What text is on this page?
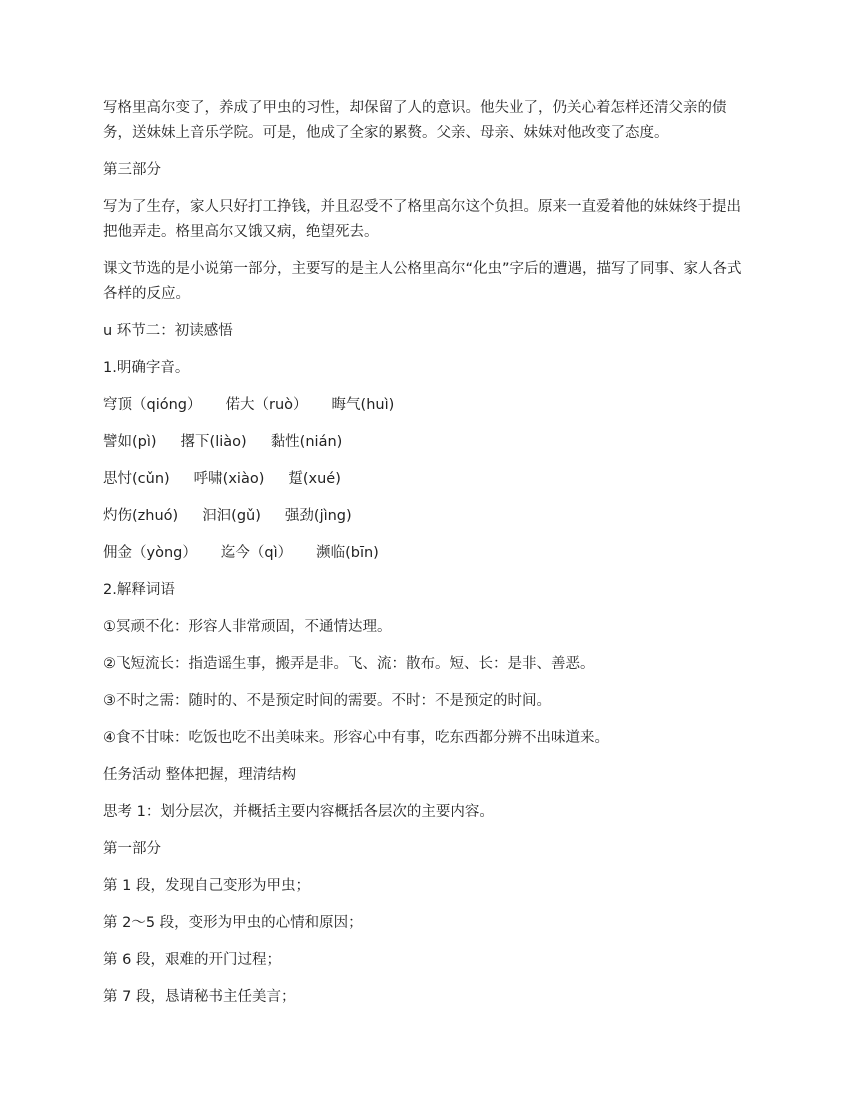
写格里高尔变了，养成了甲虫的习性，却保留了人的意识。他失业了，仍关心着怎样还清父亲的债务，送妹妹上音乐学院。可是，他成了全家的累赘。父亲、母亲、妹妹对他改变了态度。

第三部分

写为了生存，家人只好打工挣钱，并且忍受不了格里高尔这个负担。原来一直爱着他的妹妹终于提出把他弄走。格里高尔又饿又病，绝望死去。

课文节选的是小说第一部分，主要写的是主人公格里高尔“化虫”字后的遭遇，描写了同事、家人各式各样的反应。

u 环节二：初读感悟

1.明确字音。

穹顶（qióng） 偌大（ruò） 晦气(huì)
譬如(pì) 撂下(liào) 黏性(nián)
思忖(cǔn) 呼啸(xiào) 踅(xué)
灼伤(zhuó) 汩汩(gǔ) 强劲(jìng)
佣金（yòng） 迄今（qì） 濒临(bīn)

2.解释词语

①冥顽不化：形容人非常顽固，不通情达理。

②飞短流长：指造谣生事，搬弄是非。飞、流：散布。短、长：是非、善恶。

③不时之需：随时的、不是预定时间的需要。不时：不是预定的时间。

④食不甘味：吃饭也吃不出美味来。形容心中有事，吃东西都分辨不出味道来。

任务活动 整体把握，理清结构

思考 1：划分层次，并概括主要内容概括各层次的主要内容。

第一部分

第 1 段，发现自己变形为甲虫；

第 2～5 段，变形为甲虫的心情和原因；

第 6 段，艰难的开门过程；

第 7 段，恳请秘书主任美言；
